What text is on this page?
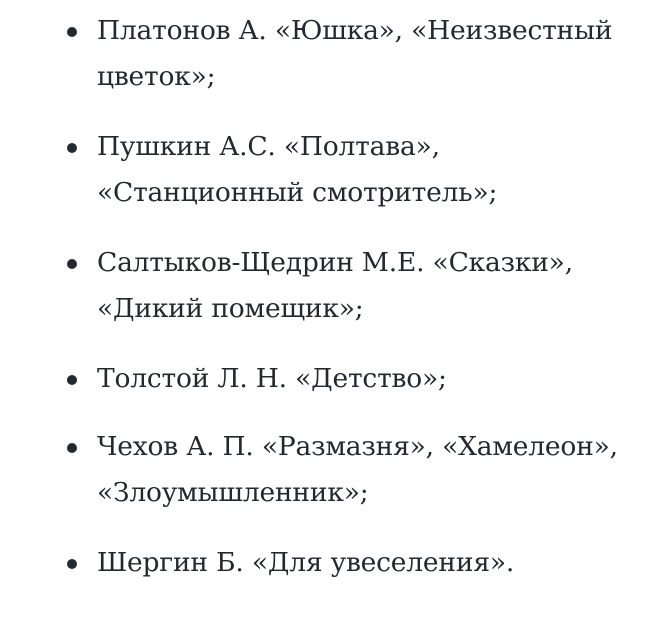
Платонов А. «Юшка», «Неизвестный цветок»;

Пушкин А.С. «Полтава», «Станционный смотритель»;

Салтыков-Щедрин М.Е. «Сказки», «Дикий помещик»;

Толстой Л. Н. «Детство»;

Чехов А. П. «Размазня», «Хамелеон», «Злоумышленник»;

Шергин Б. «Для увеселения».
